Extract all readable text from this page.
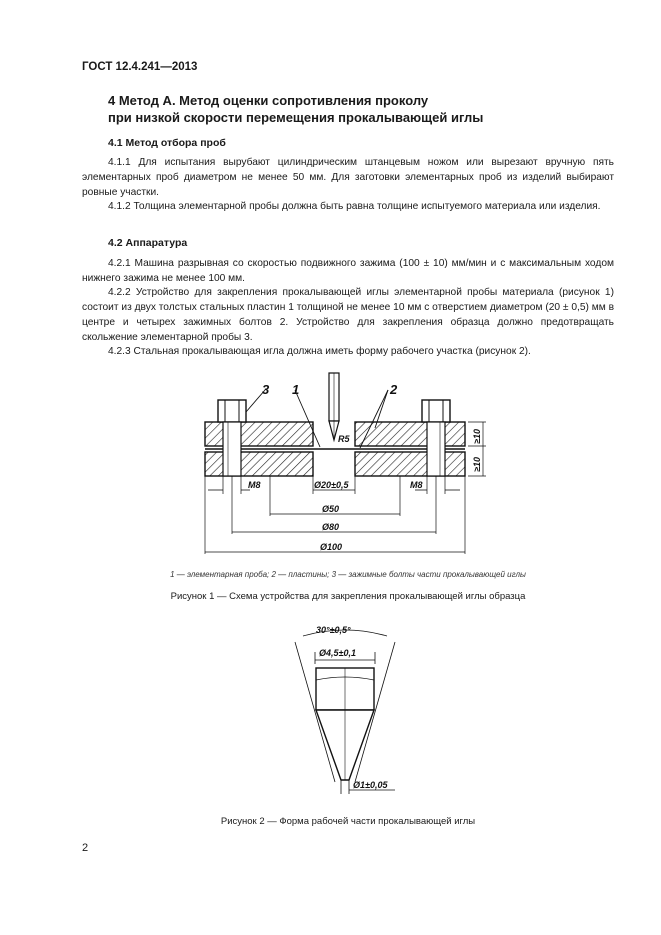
ГОСТ 12.4.241—2013
4 Метод А. Метод оценки сопротивления проколу
при низкой скорости перемещения прокалывающей иглы
4.1 Метод отбора проб
4.1.1 Для испытания вырубают цилиндрическим штанцевым ножом или вырезают вручную пять элементарных проб диаметром не менее 50 мм. Для заготовки элементарных проб из изделий выбирают ровные участки.
4.1.2 Толщина элементарной пробы должна быть равна толщине испытуемого материала или изделия.
4.2 Аппаратура
4.2.1 Машина разрывная со скоростью подвижного зажима (100 ± 10) мм/мин и с максимальным ходом нижнего зажима не менее 100 мм.
4.2.2 Устройство для закрепления прокалывающей иглы элементарной пробы материала (рисунок 1) состоит из двух толстых стальных пластин 1 толщиной не менее 10 мм с отверстием диаметром (20 ± 0,5) мм в центре и четырех зажимных болтов 2. Устройство для закрепления образца должно предотвращать скольжение элементарной пробы 3.
4.2.3 Стальная прокалывающая игла должна иметь форму рабочего участка (рисунок 2).
1	2
3
R5	≥10
≥10
M8	M8
Ø20±0,5
Ø50
Ø80
Ø100
1 — элементарная проба; 2 — пластины; 3 — зажимные болты части прокалывающей иглы
Рисунок 1 — Схема устройства для закрепления прокалывающей иглы образца
30°±0,5°
Ø4,5±0,1
Ø1±0,05
Рисунок 2 — Форма рабочей части прокалывающей иглы
2
